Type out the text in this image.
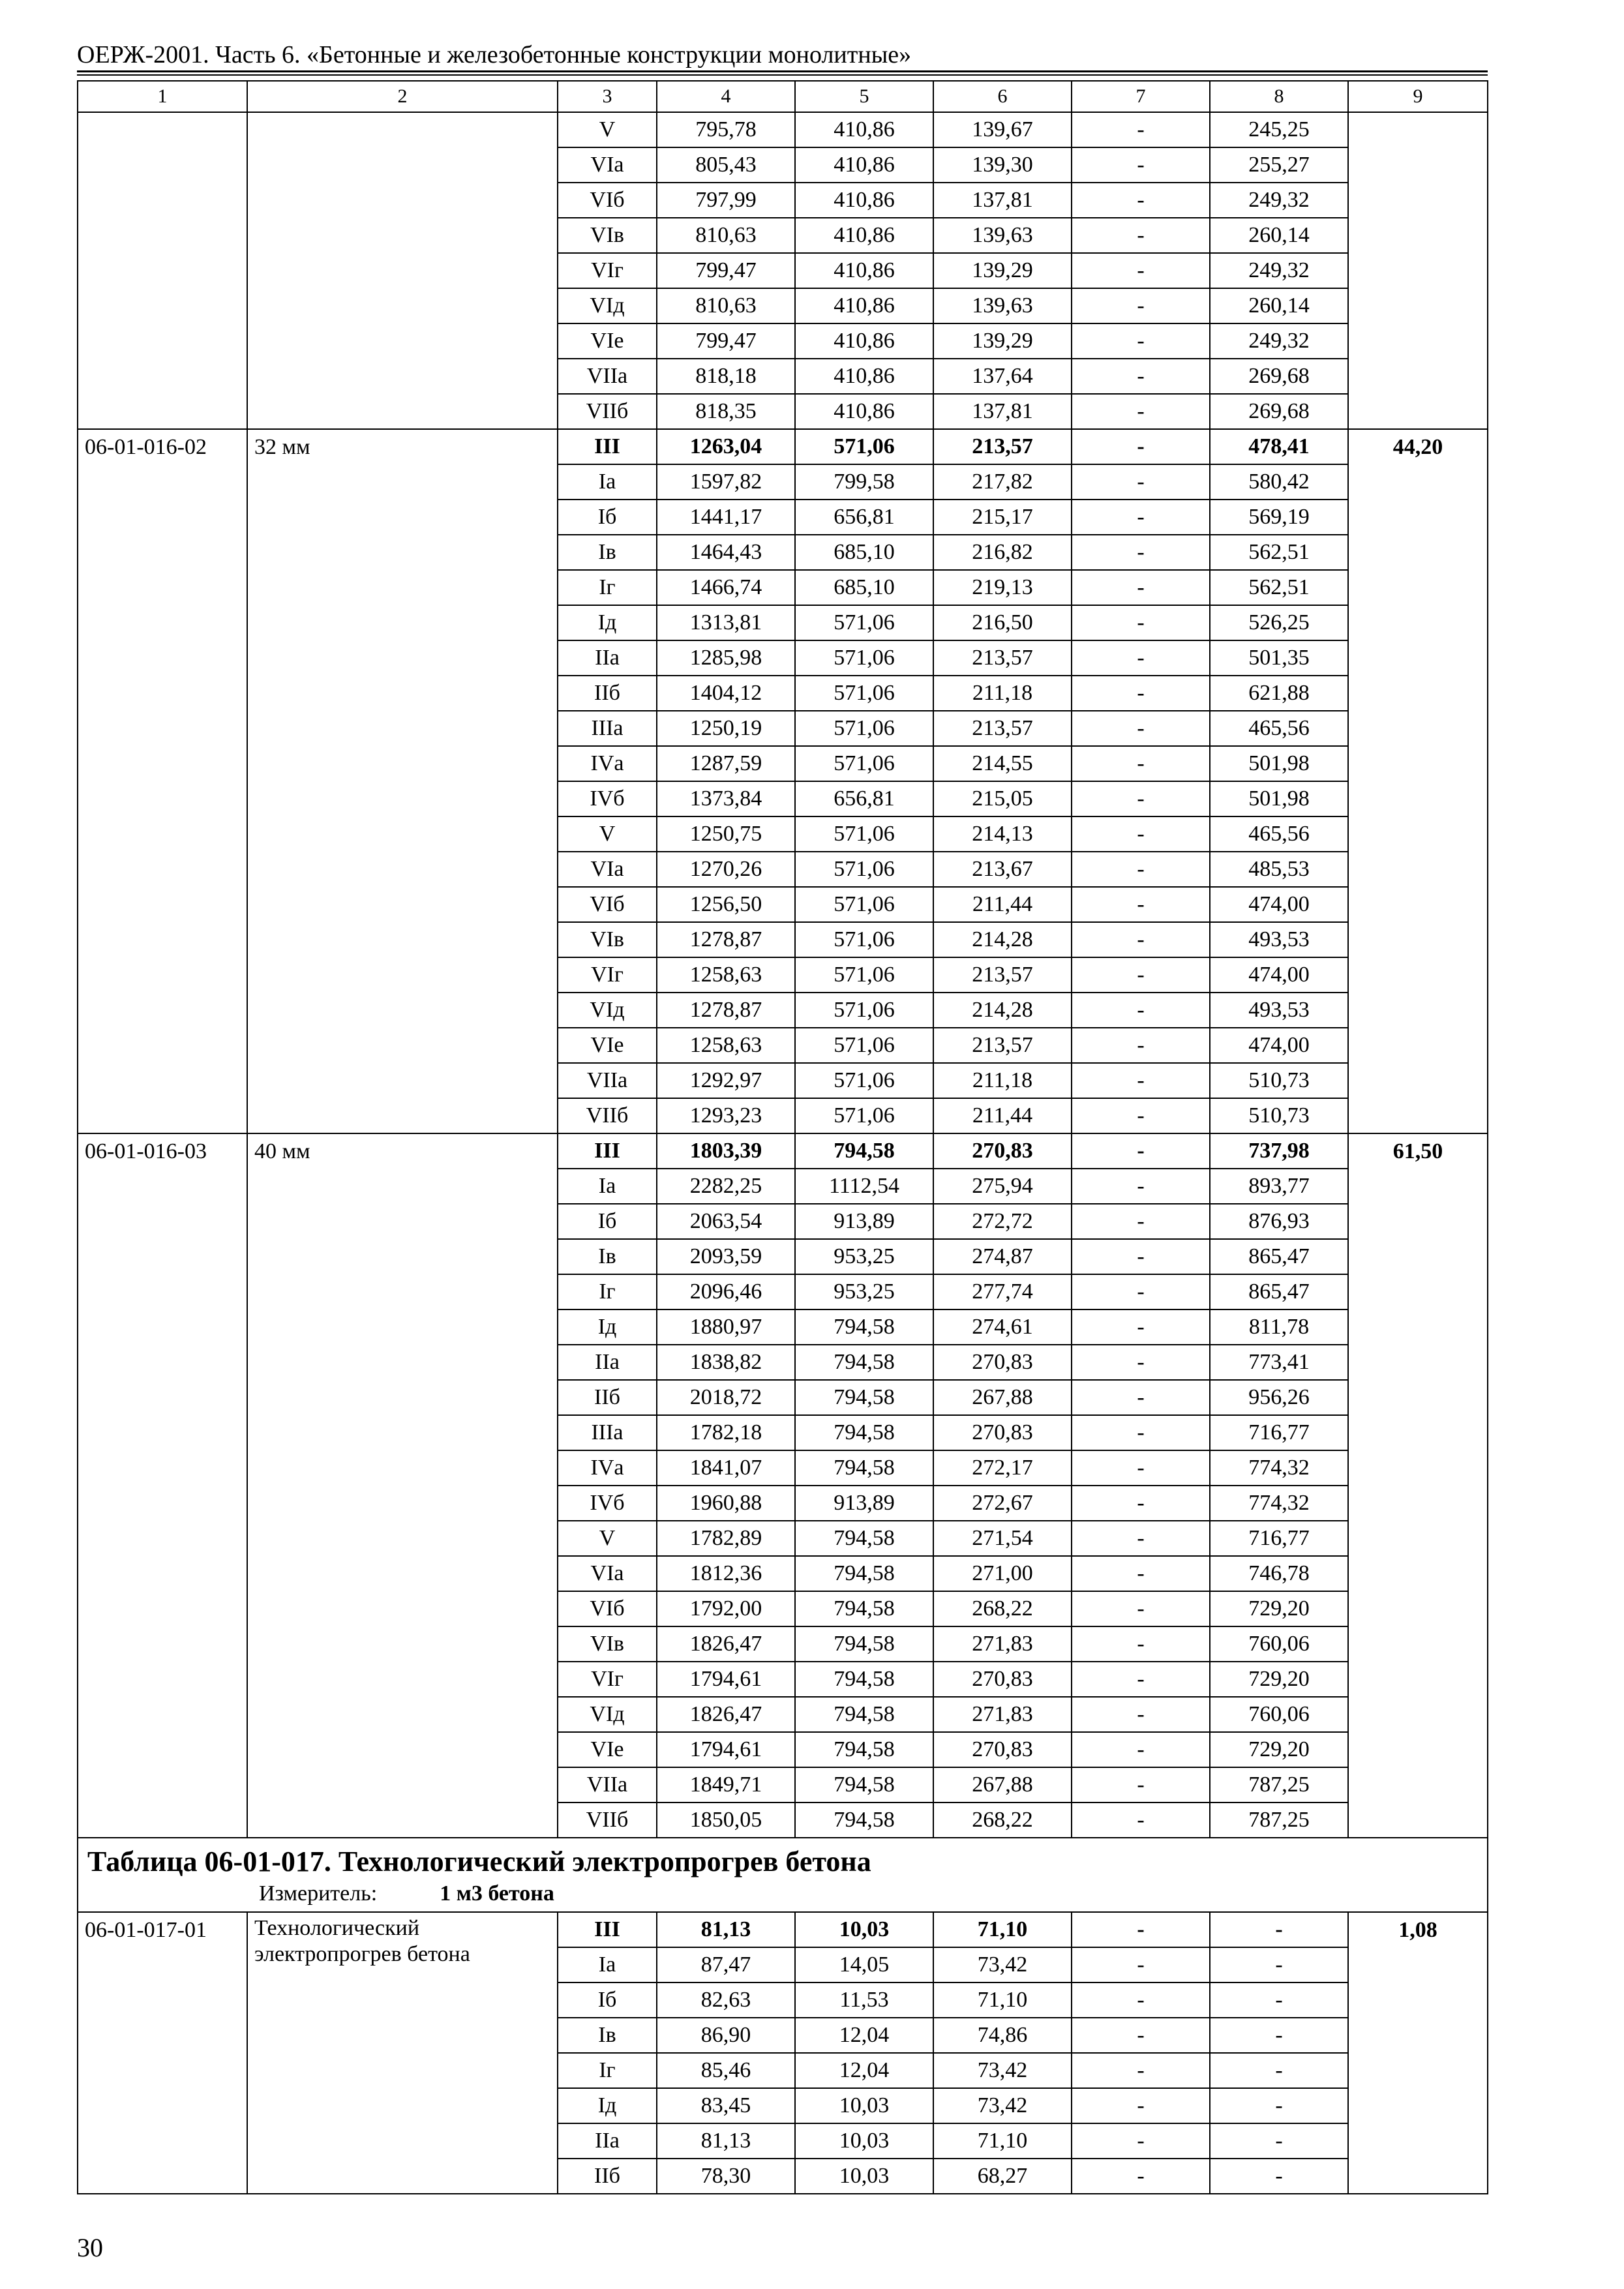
ОЕРЖ-2001. Часть 6. «Бетонные и железобетонные конструкции монолитные»
1	2	3	4	5	6	7	8	9
		V	795,78	410,86	139,67	-	245,25	
		VIа	805,43	410,86	139,30	-	255,27	
		VIб	797,99	410,86	137,81	-	249,32	
		VIв	810,63	410,86	139,63	-	260,14	
		VIг	799,47	410,86	139,29	-	249,32	
		VIд	810,63	410,86	139,63	-	260,14	
		VIе	799,47	410,86	139,29	-	249,32	
		VIIа	818,18	410,86	137,64	-	269,68	
		VIIб	818,35	410,86	137,81	-	269,68	
06-01-016-02	32 мм	III	1263,04	571,06	213,57	-	478,41	44,20
		Iа	1597,82	799,58	217,82	-	580,42	
		Iб	1441,17	656,81	215,17	-	569,19	
		Iв	1464,43	685,10	216,82	-	562,51	
		Iг	1466,74	685,10	219,13	-	562,51	
		Iд	1313,81	571,06	216,50	-	526,25	
		IIа	1285,98	571,06	213,57	-	501,35	
		IIб	1404,12	571,06	211,18	-	621,88	
		IIIа	1250,19	571,06	213,57	-	465,56	
		IVа	1287,59	571,06	214,55	-	501,98	
		IVб	1373,84	656,81	215,05	-	501,98	
		V	1250,75	571,06	214,13	-	465,56	
		VIа	1270,26	571,06	213,67	-	485,53	
		VIб	1256,50	571,06	211,44	-	474,00	
		VIв	1278,87	571,06	214,28	-	493,53	
		VIг	1258,63	571,06	213,57	-	474,00	
		VIд	1278,87	571,06	214,28	-	493,53	
		VIе	1258,63	571,06	213,57	-	474,00	
		VIIа	1292,97	571,06	211,18	-	510,73	
		VIIб	1293,23	571,06	211,44	-	510,73	
06-01-016-03	40 мм	III	1803,39	794,58	270,83	-	737,98	61,50
		Iа	2282,25	1112,54	275,94	-	893,77	
		Iб	2063,54	913,89	272,72	-	876,93	
		Iв	2093,59	953,25	274,87	-	865,47	
		Iг	2096,46	953,25	277,74	-	865,47	
		Iд	1880,97	794,58	274,61	-	811,78	
		IIа	1838,82	794,58	270,83	-	773,41	
		IIб	2018,72	794,58	267,88	-	956,26	
		IIIа	1782,18	794,58	270,83	-	716,77	
		IVа	1841,07	794,58	272,17	-	774,32	
		IVб	1960,88	913,89	272,67	-	774,32	
		V	1782,89	794,58	271,54	-	716,77	
		VIа	1812,36	794,58	271,00	-	746,78	
		VIб	1792,00	794,58	268,22	-	729,20	
		VIв	1826,47	794,58	271,83	-	760,06	
		VIг	1794,61	794,58	270,83	-	729,20	
		VIд	1826,47	794,58	271,83	-	760,06	
		VIе	1794,61	794,58	270,83	-	729,20	
		VIIа	1849,71	794,58	267,88	-	787,25	
		VIIб	1850,05	794,58	268,22	-	787,25	

Таблица 06-01-017. Технологический электропрогрев бетона
Измеритель: 1 м3 бетона								

06-01-017-01	Технологический электропрогрев бетона	III	81,13	10,03	71,10	-	-	1,08
		Iа	87,47	14,05	73,42	-	-	
		Iб	82,63	11,53	71,10	-	-	
		Iв	86,90	12,04	74,86	-	-	
		Iг	85,46	12,04	73,42	-	-	
		Iд	83,45	10,03	73,42	-	-	
		IIа	81,13	10,03	71,10	-	-	
		IIб	78,30	10,03	68,27	-	-	
30
